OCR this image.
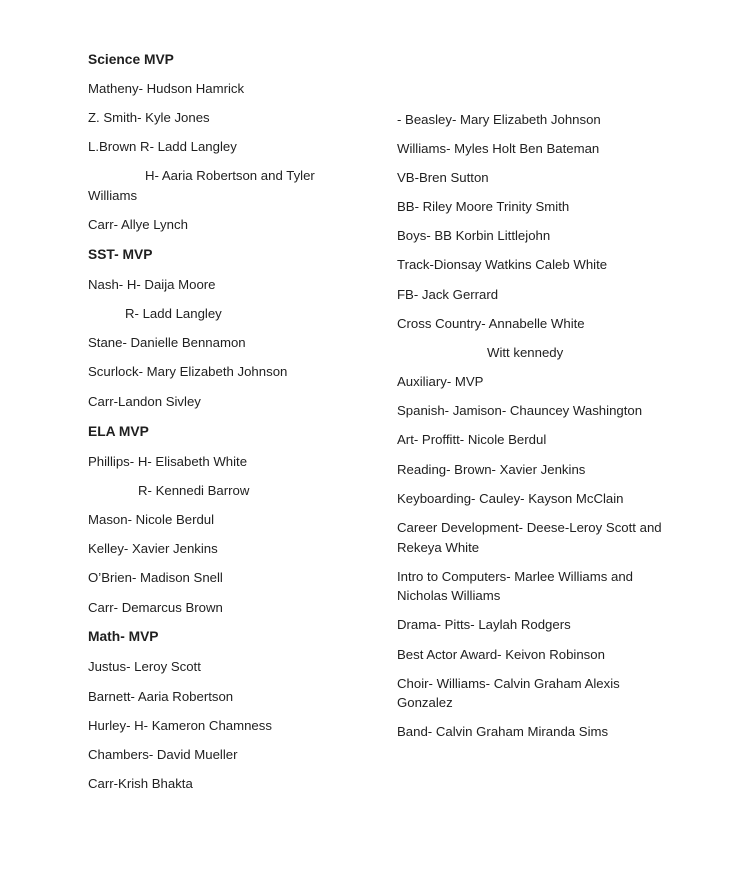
Science MVP
Matheny- Hudson Hamrick
Z. Smith- Kyle Jones
L.Brown R- Ladd Langley
H- Aaria Robertson and Tyler
Williams
Carr- Allye Lynch
SST- MVP
Nash- H- Daija Moore
R- Ladd Langley
Stane- Danielle Bennamon
Scurlock- Mary Elizabeth Johnson
Carr-Landon Sivley
ELA MVP
Phillips- H- Elisabeth White
R- Kennedi Barrow
Mason- Nicole Berdul
Kelley- Xavier Jenkins
O’Brien- Madison Snell
Carr- Demarcus Brown
Math- MVP
Justus- Leroy Scott
Barnett- Aaria Robertson
Hurley- H- Kameron Chamness
Chambers- David Mueller
Carr-Krish Bhakta
- Beasley- Mary Elizabeth Johnson
Williams- Myles Holt Ben Bateman
VB-Bren Sutton
BB- Riley Moore Trinity Smith
Boys- BB Korbin Littlejohn
Track-Dionsay Watkins Caleb White
FB- Jack Gerrard
Cross Country- Annabelle White
Witt kennedy
Auxiliary- MVP
Spanish- Jamison- Chauncey Washington
Art- Proffitt- Nicole Berdul
Reading- Brown- Xavier Jenkins
Keyboarding- Cauley- Kayson McClain
Career Development- Deese-Leroy Scott and
Rekeya White
Intro to Computers- Marlee Williams and
Nicholas Williams
Drama- Pitts- Laylah Rodgers
Best Actor Award- Keivon Robinson
Choir- Williams- Calvin Graham Alexis
Gonzalez
Band- Calvin Graham Miranda Sims
